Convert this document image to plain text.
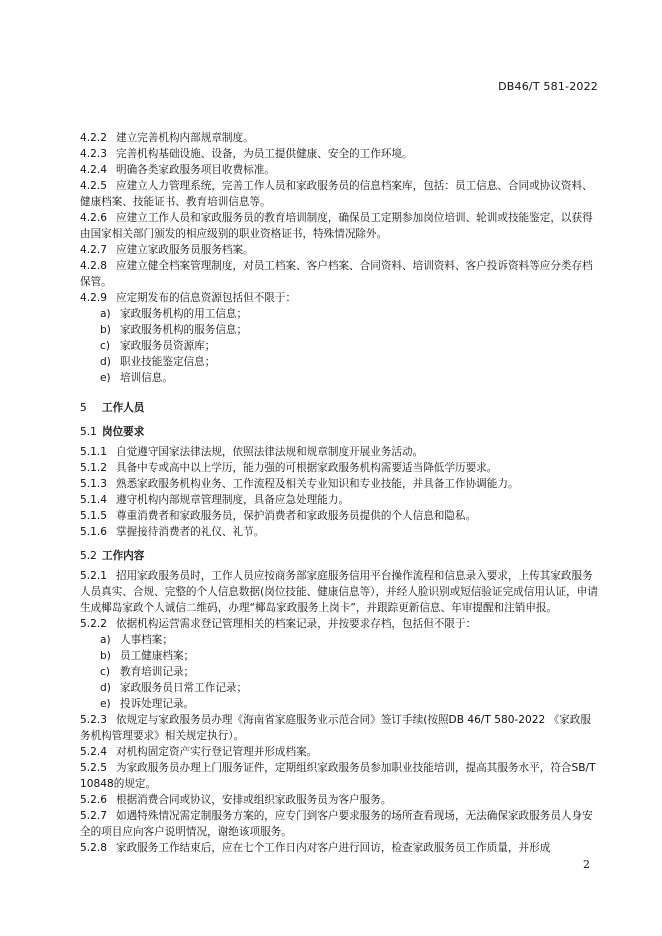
DB46/T 581-2022
4.2.2 建立完善机构内部规章制度。
4.2.3 完善机构基础设施、设备，为员工提供健康、安全的工作环境。
4.2.4 明确各类家政服务项目收费标准。
4.2.5 应建立人力管理系统，完善工作人员和家政服务员的信息档案库，包括：员工信息、合同或协议资料、健康档案、技能证书、教育培训信息等。
4.2.6 应建立工作人员和家政服务员的教育培训制度，确保员工定期参加岗位培训、轮训或技能鉴定，以获得由国家相关部门颁发的相应级别的职业资格证书，特殊情况除外。
4.2.7 应建立家政服务员服务档案。
4.2.8 应建立健全档案管理制度，对员工档案、客户档案、合同资料、培训资料、客户投诉资料等应分类存档保管。
4.2.9 应定期发布的信息资源包括但不限于：
a) 家政服务机构的用工信息；
b) 家政服务机构的服务信息；
c) 家政服务员资源库；
d) 职业技能鉴定信息；
e) 培训信息。
5 工作人员
5.1 岗位要求
5.1.1 自觉遵守国家法律法规，依照法律法规和规章制度开展业务活动。
5.1.2 具备中专或高中以上学历，能力强的可根据家政服务机构需要适当降低学历要求。
5.1.3 熟悉家政服务机构业务、工作流程及相关专业知识和专业技能，并具备工作协调能力。
5.1.4 遵守机构内部规章管理制度，具备应急处理能力。
5.1.5 尊重消费者和家政服务员，保护消费者和家政服务员提供的个人信息和隐私。
5.1.6 掌握接待消费者的礼仪、礼节。
5.2 工作内容
5.2.1 招用家政服务员时，工作人员应按商务部家庭服务信用平台操作流程和信息录入要求，上传其家政服务人员真实、合规、完整的个人信息数据(岗位技能、健康信息等），并经人脸识别或短信验证完成信用认证，申请生成椰岛家政个人诚信二维码，办理“椰岛家政服务上岗卡”，并跟踪更新信息、年审提醒和注销申报。
5.2.2 依据机构运营需求登记管理相关的档案记录，并按要求存档，包括但不限于：
a) 人事档案；
b) 员工健康档案；
c) 教育培训记录；
d) 家政服务员日常工作记录；
e) 投诉处理记录。
5.2.3 依规定与家政服务员办理《海南省家庭服务业示范合同》签订手续(按照DB 46/T 580-2022 《家政服务机构管理要求》相关规定执行）。
5.2.4 对机构固定资产实行登记管理并形成档案。
5.2.5 为家政服务员办理上门服务证件，定期组织家政服务员参加职业技能培训，提高其服务水平，符合SB/T 10848的规定。
5.2.6 根据消费合同或协议，安排或组织家政服务员为客户服务。
5.2.7 如遇特殊情况需定制服务方案的，应专门到客户要求服务的场所查看现场，无法确保家政服务员人身安全的项目应向客户说明情况，谢绝该项服务。
5.2.8 家政服务工作结束后，应在七个工作日内对客户进行回访，检查家政服务员工作质量，并形成
2
